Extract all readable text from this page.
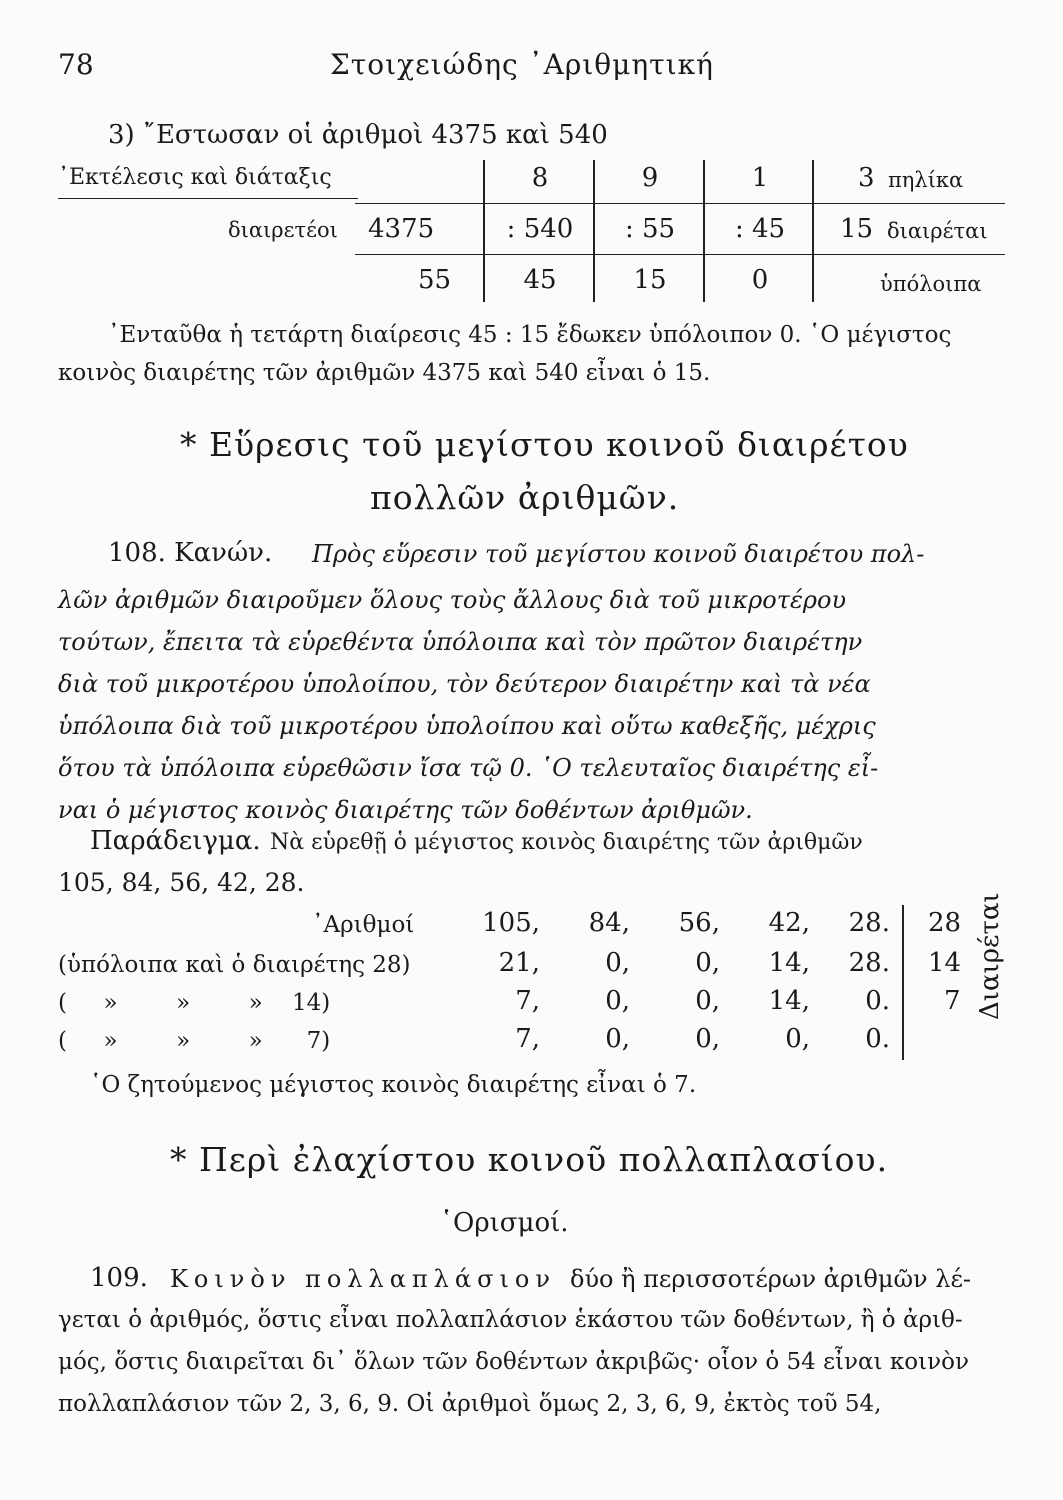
78	Στοιχειώδης ᾽Αριθμητική
3) ῎Εστωσαν οἱ ἀριθμοὶ 4375 καὶ 540
᾽Εκτέλεσις καὶ διάταξις	8	9	1	3 πηλίκα
διαιρετέοι 4375	: 540	: 55	: 45	15 διαιρέται
55	45	15	0	ὑπόλοιπα
᾽Ενταῦθα ἡ τετάρτη διαίρεσις 45 : 15 ἔδωκεν ὑπόλοιπον 0. ῾Ο μέγιστος
κοινὸς διαιρέτης τῶν ἀριθμῶν 4375 καὶ 540 εἶναι ὁ 15.
* Εὕρεσις τοῦ μεγίστου κοινοῦ διαιρέτου
πολλῶν ἀριθμῶν.
108. Κανών. Πρὸς εὕρεσιν τοῦ μεγίστου κοινοῦ διαιρέτου πολ-
λῶν ἀριθμῶν διαιροῦμεν ὅλους τοὺς ἄλλους διὰ τοῦ μικροτέρου
τούτων, ἔπειτα τὰ εὑρεθέντα ὑπόλοιπα καὶ τὸν πρῶτον διαιρέτην
διὰ τοῦ μικροτέρου ὑπολοίπου, τὸν δεύτερον διαιρέτην καὶ τὰ νέα
ὑπόλοιπα διὰ τοῦ μικροτέρου ὑπολοίπου καὶ οὕτω καθεξῆς, μέχρις
ὅτου τὰ ὑπόλοιπα εὑρεθῶσιν ἴσα τῷ 0. ῾Ο τελευταῖος διαιρέτης εἶ-
ναι ὁ μέγιστος κοινὸς διαιρέτης τῶν δοθέντων ἀριθμῶν.
Παράδειγμα. Νὰ εὑρεθῇ ὁ μέγιστος κοινὸς διαιρέτης τῶν ἀριθμῶν
105, 84, 56, 42, 28.
᾽Αριθμοί	105,	84,	56,	42,	28. 28
(ὑπόλοιπα καὶ ὁ διαιρέτης 28)	21,	0,	0,	14,	28. 14
(     »        »        »    14)	7,	0,	0,	14,	0. 7
(     »        »        »      7)	7,	0,	0,	0,	0.
Διαιρέται
῾Ο ζητούμενος μέγιστος κοινὸς διαιρέτης εἶναι ὁ 7.
* Περὶ ἐλαχίστου κοινοῦ πολλαπλασίου.
῾Ορισμοί.
109. Κοινὸν πολλαπλάσιον δύο ἢ περισσοτέρων ἀριθμῶν λέ-
γεται ὁ ἀριθμός, ὅστις εἶναι πολλαπλάσιον ἑκάστου τῶν δοθέντων, ἢ ὁ ἀριθ-
μός, ὅστις διαιρεῖται δι᾽ ὅλων τῶν δοθέντων ἀκριβῶς· οἷον ὁ 54 εἶναι κοινὸν
πολλαπλάσιον τῶν 2, 3, 6, 9. Οἱ ἀριθμοὶ ὅμως 2, 3, 6, 9, ἐκτὸς τοῦ 54,
